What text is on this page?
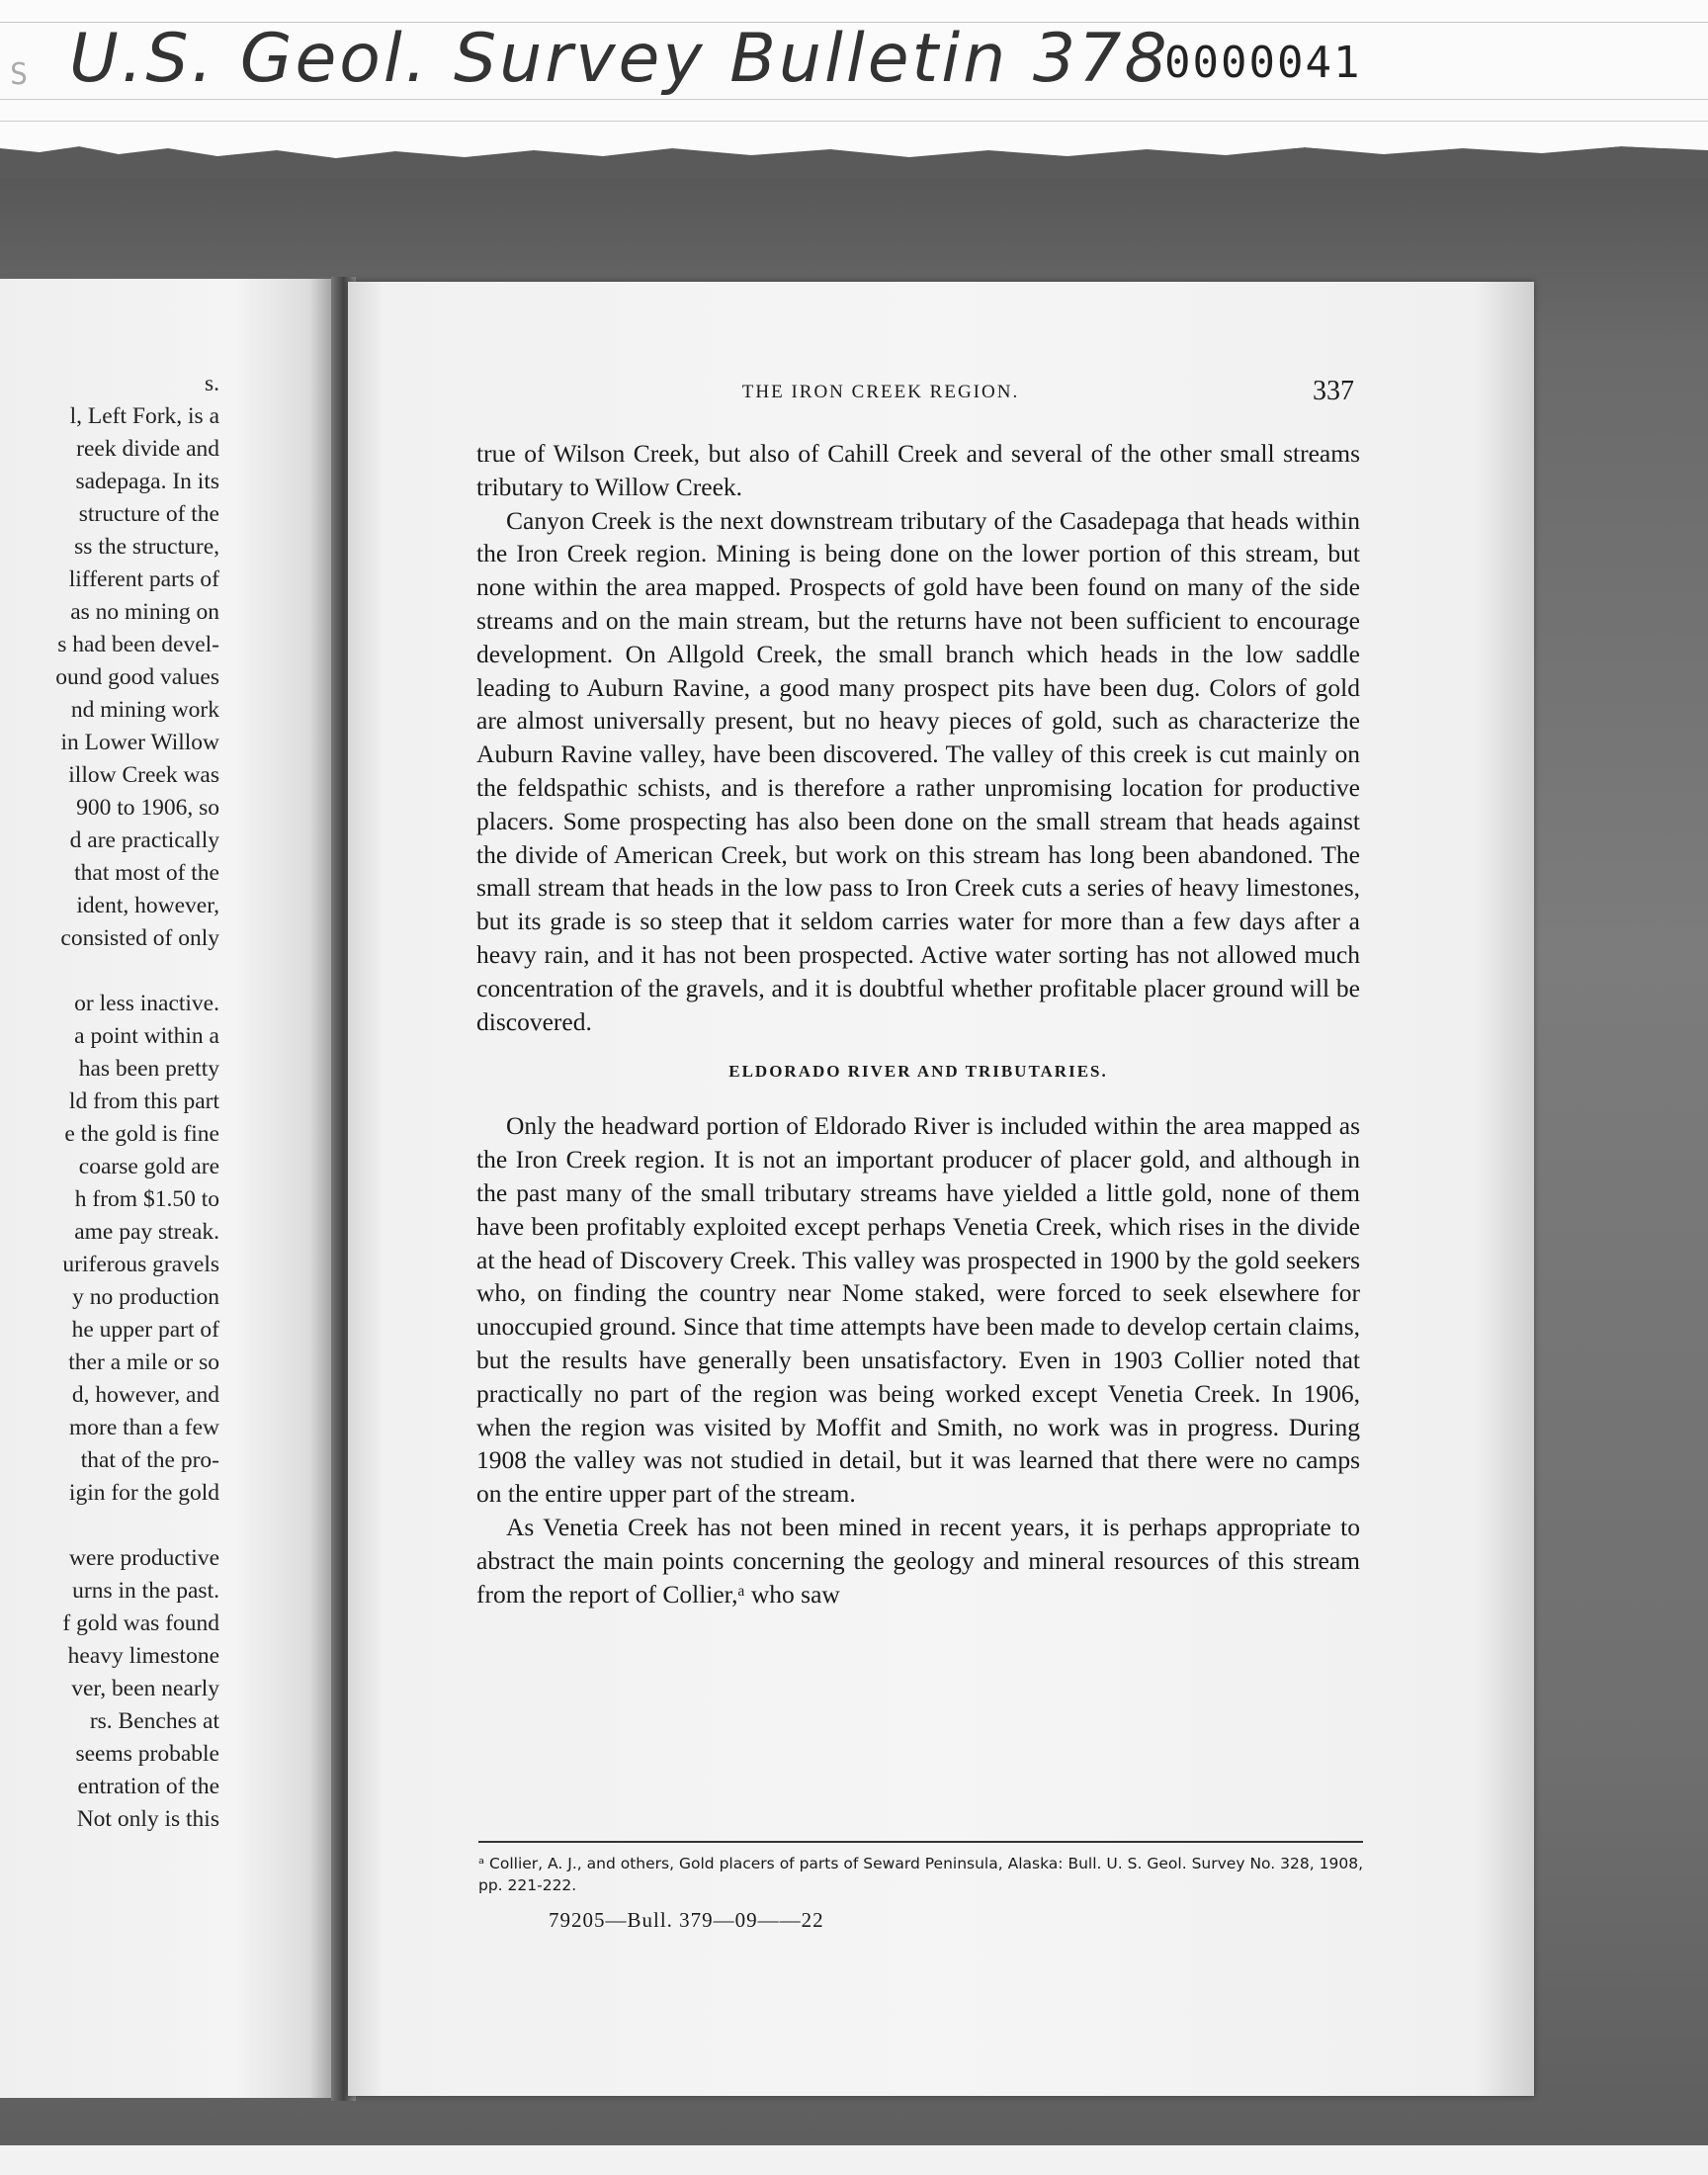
S U.S. Geol. Survey Bulletin 378
0000041
s.
l, Left Fork, is a
reek divide and
sadepaga. In its
structure of the
ss the structure,
lifferent parts of
as no mining on
s had been devel-
ound good values
nd mining work
in Lower Willow
illow Creek was
900 to 1906, so
d are practically
that most of the
ident, however,
consisted of only
or less inactive.
a point within a
has been pretty
ld from this part
e the gold is fine
coarse gold are
h from $1.50 to
ame pay streak.
uriferous gravels
y no production
he upper part of
ther a mile or so
d, however, and
more than a few
that of the pro-
igin for the gold
were productive
urns in the past.
f gold was found
heavy limestone
ver, been nearly
rs. Benches at
seems probable
entration of the
Not only is this
THE IRON CREEK REGION.	337

true of Wilson Creek, but also of Cahill Creek and several of the other small streams tributary to Willow Creek.

Canyon Creek is the next downstream tributary of the Casadepaga that heads within the Iron Creek region. Mining is being done on the lower portion of this stream, but none within the area mapped. Prospects of gold have been found on many of the side streams and on the main stream, but the returns have not been sufficient to encourage development. On Allgold Creek, the small branch which heads in the low saddle leading to Auburn Ravine, a good many prospect pits have been dug. Colors of gold are almost universally present, but no heavy pieces of gold, such as characterize the Auburn Ravine valley, have been discovered. The valley of this creek is cut mainly on the feldspathic schists, and is therefore a rather unpromising location for productive placers. Some prospecting has also been done on the small stream that heads against the divide of American Creek, but work on this stream has long been abandoned. The small stream that heads in the low pass to Iron Creek cuts a series of heavy limestones, but its grade is so steep that it seldom carries water for more than a few days after a heavy rain, and it has not been prospected. Active water sorting has not allowed much concentration of the gravels, and it is doubtful whether profitable placer ground will be discovered.

ELDORADO RIVER AND TRIBUTARIES.

Only the headward portion of Eldorado River is included within the area mapped as the Iron Creek region. It is not an important producer of placer gold, and although in the past many of the small tributary streams have yielded a little gold, none of them have been profitably exploited except perhaps Venetia Creek, which rises in the divide at the head of Discovery Creek. This valley was prospected in 1900 by the gold seekers who, on finding the country near Nome staked, were forced to seek elsewhere for unoccupied ground. Since that time attempts have been made to develop certain claims, but the results have generally been unsatisfactory. Even in 1903 Collier noted that practically no part of the region was being worked except Venetia Creek. In 1906, when the region was visited by Moffit and Smith, no work was in progress. During 1908 the valley was not studied in detail, but it was learned that there were no camps on the entire upper part of the stream.

As Venetia Creek has not been mined in recent years, it is perhaps appropriate to abstract the main points concerning the geology and mineral resources of this stream from the report of Collier,ᵃ who saw

ᵃ Collier, A. J., and others, Gold placers of parts of Seward Peninsula, Alaska: Bull. U. S. Geol. Survey No. 328, 1908, pp. 221-222.
79205—Bull. 379—09——22
